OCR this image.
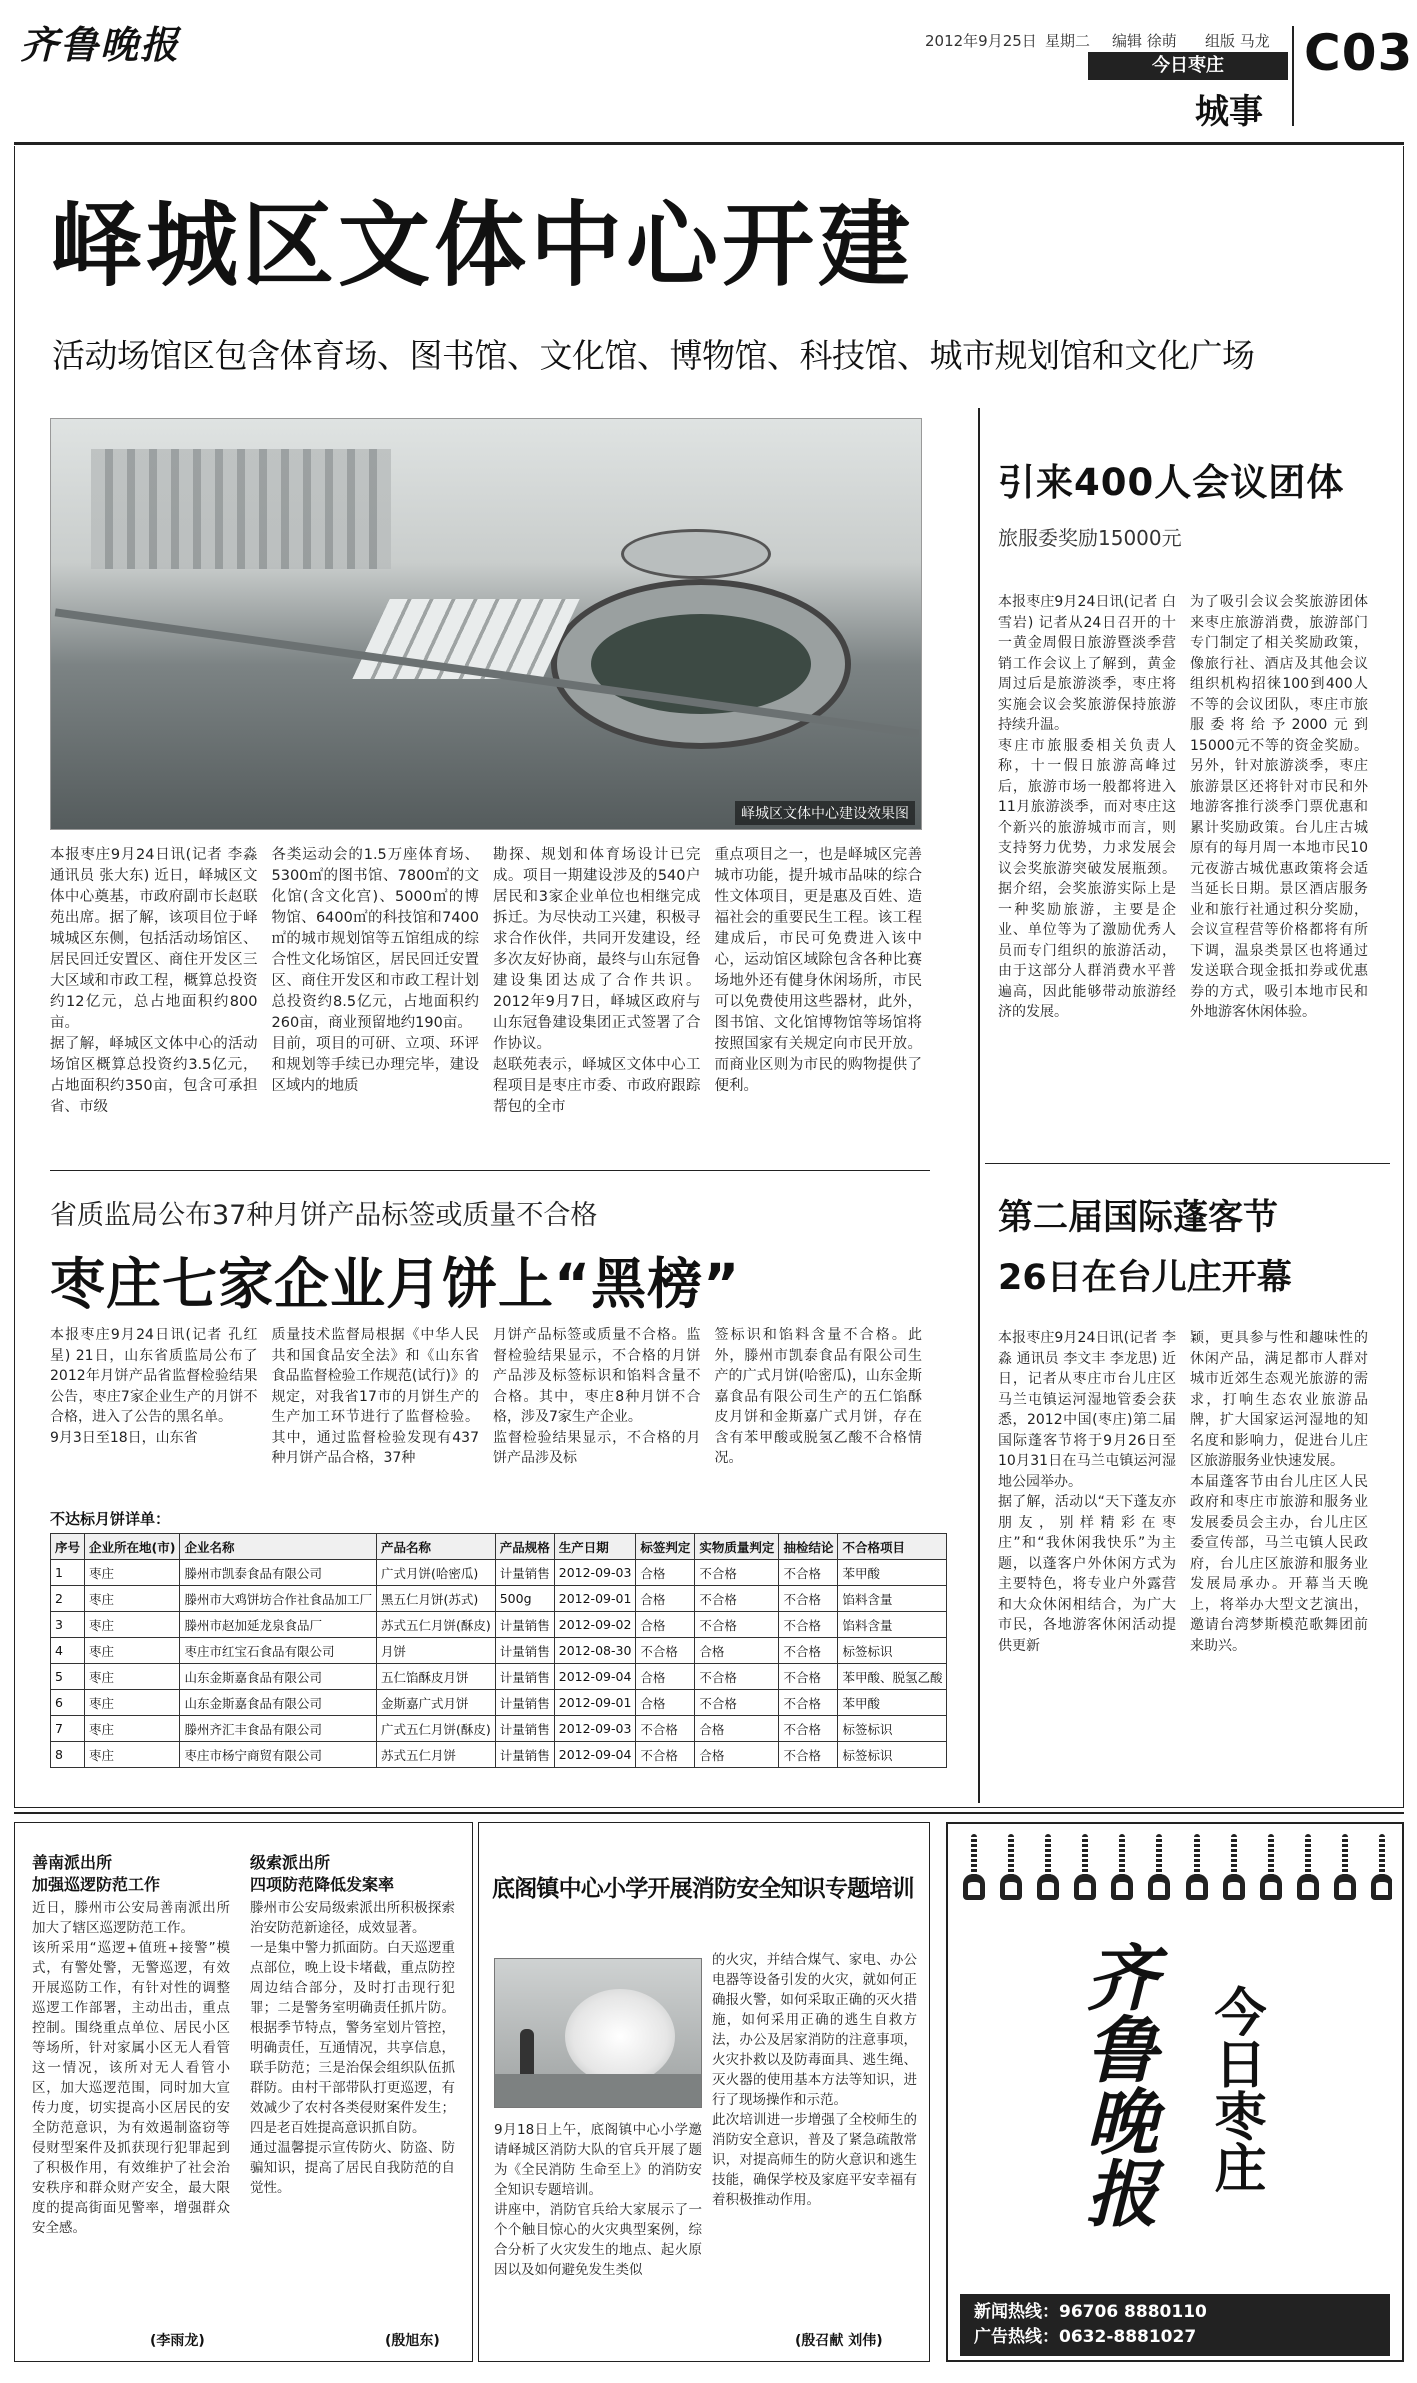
齐鲁晚报	2012年9月25日 星期二 编辑 徐萌 组版 马龙
今日枣庄
城事
C03
峄城区文体中心开建
活动场馆区包含体育场、图书馆、文化馆、博物馆、科技馆、城市规划馆和文化广场
峄城区文体中心建设效果图
本报枣庄9月24日讯(记者 李淼 通讯员 张大东) 近日，峄城区文体中心奠基，市政府副市长赵联苑出席。据了解，该项目位于峄城城区东侧，包括活动场馆区、居民回迁安置区、商住开发区三大区域和市政工程，概算总投资约12亿元，总占地面积约800亩。
据了解，峄城区文体中心的活动场馆区概算总投资约3.5亿元，占地面积约350亩，包含可承担省、市级
各类运动会的1.5万座体育场、5300㎡的图书馆、7800㎡的文化馆(含文化宫)、5000㎡的博物馆、6400㎡的科技馆和7400㎡的城市规划馆等五馆组成的综合性文化场馆区，居民回迁安置区、商住开发区和市政工程计划总投资约8.5亿元，占地面积约260亩，商业预留地约190亩。
目前，项目的可研、立项、环评和规划等手续已办理完毕，建设区域内的地质
勘探、规划和体育场设计已完成。项目一期建设涉及的540户居民和3家企业单位也相继完成拆迁。为尽快动工兴建，积极寻求合作伙伴，共同开发建设，经多次友好协商，最终与山东冠鲁建设集团达成了合作共识。2012年9月7日，峄城区政府与山东冠鲁建设集团正式签署了合作协议。
赵联苑表示，峄城区文体中心工程项目是枣庄市委、市政府跟踪帮包的全市
重点项目之一，也是峄城区完善城市功能，提升城市品味的综合性文体项目，更是惠及百姓、造福社会的重要民生工程。该工程建成后，市民可免费进入该中心，运动馆区域除包含各种比赛场地外还有健身休闲场所，市民可以免费使用这些器材，此外，图书馆、文化馆博物馆等场馆将按照国家有关规定向市民开放。而商业区则为市民的购物提供了便利。
引来400人会议团体
旅服委奖励15000元
本报枣庄9月24日讯(记者 白雪岩) 记者从24日召开的十一黄金周假日旅游暨淡季营销工作会议上了解到，黄金周过后是旅游淡季，枣庄将实施会议会奖旅游保持旅游持续升温。
枣庄市旅服委相关负责人称，十一假日旅游高峰过后，旅游市场一般都将进入11月旅游淡季，而对枣庄这个新兴的旅游城市而言，则支持努力优势，力求发展会议会奖旅游突破发展瓶颈。据介绍，会奖旅游实际上是一种奖励旅游，主要是企业、单位等为了激励优秀人员而专门组织的旅游活动，由于这部分人群消费水平普遍高，因此能够带动旅游经济的发展。
为了吸引会议会奖旅游团体来枣庄旅游消费，旅游部门专门制定了相关奖励政策，像旅行社、酒店及其他会议组织机构招徕100到400人不等的会议团队，枣庄市旅服委将给予2000元到15000元不等的资金奖励。另外，针对旅游淡季，枣庄旅游景区还将针对市民和外地游客推行淡季门票优惠和累计奖励政策。台儿庄古城原有的每月周一本地市民10元夜游古城优惠政策将会适当延长日期。景区酒店服务业和旅行社通过积分奖励，会议宣程营等价格都将有所下调，温泉类景区也将通过发送联合现金抵扣券或优惠券的方式，吸引本地市民和外地游客休闲体验。
第二届国际蓬客节
26日在台儿庄开幕
本报枣庄9月24日讯(记者 李淼 通讯员 李文丰 李龙思) 近日，记者从枣庄市台儿庄区马兰屯镇运河湿地管委会获悉，2012中国(枣庄)第二届国际蓬客节将于9月26日至10月31日在马兰屯镇运河湿地公园举办。
据了解，活动以“天下蓬友亦朋友，别样精彩在枣庄”和“我休闲我快乐”为主题，以蓬客户外休闲方式为主要特色，将专业户外露营和大众休闲相结合，为广大市民，各地游客休闲活动提供更新
颖，更具参与性和趣味性的休闲产品，满足都市人群对城市近郊生态观光旅游的需求，打响生态农业旅游品牌，扩大国家运河湿地的知名度和影响力，促进台儿庄区旅游服务业快速发展。
本届蓬客节由台儿庄区人民政府和枣庄市旅游和服务业发展委员会主办，台儿庄区委宣传部，马兰屯镇人民政府，台儿庄区旅游和服务业发展局承办。开幕当天晚上，将举办大型文艺演出，邀请台湾梦斯模范歌舞团前来助兴。
省质监局公布37种月饼产品标签或质量不合格
枣庄七家企业月饼上“黑榜”
本报枣庄9月24日讯(记者 孔红星) 21日，山东省质监局公布了2012年月饼产品省监督检验结果公告，枣庄7家企业生产的月饼不合格，进入了公告的黑名单。
9月3日至18日，山东省
质量技术监督局根据《中华人民共和国食品安全法》和《山东省食品监督检验工作规范(试行)》的规定，对我省17市的月饼生产的生产加工环节进行了监督检验。其中，通过监督检验发现有437种月饼产品合格，37种
月饼产品标签或质量不合格。监督检验结果显示，不合格的月饼产品涉及标签标识和馅料含量不合格。其中，枣庄8种月饼不合格，涉及7家生产企业。
监督检验结果显示，不合格的月饼产品涉及标
签标识和馅料含量不合格。此外，滕州市凯泰食品有限公司生产的广式月饼(哈密瓜)，山东金斯嘉食品有限公司生产的五仁馅酥皮月饼和金斯嘉广式月饼，存在含有苯甲酸或脱氢乙酸不合格情况。
不达标月饼详单：
序号	企业所在地(市)	企业名称	产品名称	产品规格	生产日期	标签判定	实物质量判定	抽检结论	不合格项目
1	枣庄	滕州市凯泰食品有限公司	广式月饼(哈密瓜)	计量销售	2012-09-03	合格	不合格	不合格	苯甲酸
2	枣庄	滕州市大鸡饼坊合作社食品加工厂	黑五仁月饼(苏式)	500g	2012-09-01	合格	不合格	不合格	馅料含量
3	枣庄	滕州市赵加延龙泉食品厂	苏式五仁月饼(酥皮)	计量销售	2012-09-02	合格	不合格	不合格	馅料含量
4	枣庄	枣庄市红宝石食品有限公司	月饼	计量销售	2012-08-30	不合格	合格	不合格	标签标识
5	枣庄	山东金斯嘉食品有限公司	五仁馅酥皮月饼	计量销售	2012-09-04	合格	不合格	不合格	苯甲酸、脱氢乙酸
6	枣庄	山东金斯嘉食品有限公司	金斯嘉广式月饼	计量销售	2012-09-01	合格	不合格	不合格	苯甲酸
7	枣庄	滕州齐汇丰食品有限公司	广式五仁月饼(酥皮)	计量销售	2012-09-03	不合格	合格	不合格	标签标识
8	枣庄	枣庄市杨宁商贸有限公司	苏式五仁月饼	计量销售	2012-09-04	不合格	合格	不合格	标签标识
善南派出所
加强巡逻防范工作
近日，滕州市公安局善南派出所加大了辖区巡逻防范工作。
该所采用“巡逻+值班+接警”模式，有警处警，无警巡逻，有效开展巡防工作，有针对性的调整巡逻工作部署，主动出击，重点控制。围绕重点单位、居民小区等场所，针对家属小区无人看管这一情况，该所对无人看管小区，加大巡逻范围，同时加大宣传力度，切实提高小区居民的安全防范意识，为有效遏制盗窃等侵财型案件及抓获现行犯罪起到了积极作用，有效维护了社会治安秩序和群众财产安全，最大限度的提高街面见警率，增强群众安全感。
(李雨龙)
级索派出所
四项防范降低发案率
滕州市公安局级索派出所积极探索治安防范新途径，成效显著。
一是集中警力抓面防。白天巡逻重点部位，晚上设卡堵截，重点防控周边结合部分，及时打击现行犯罪；二是警务室明确责任抓片防。根据季节特点，警务室划片管控，明确责任，互通情况，共享信息，联手防范；三是治保会组织队伍抓群防。由村干部带队打更巡逻，有效减少了农村各类侵财案件发生；四是老百姓提高意识抓自防。
通过温馨提示宣传防火、防盗、防骗知识，提高了居民自我防范的自觉性。
(殷旭东)
底阁镇中心小学开展消防安全知识专题培训
9月18日上午，底阁镇中心小学邀请峄城区消防大队的官兵开展了题为《全民消防 生命至上》的消防安全知识专题培训。
讲座中，消防官兵给大家展示了一个个触目惊心的火灾典型案例，综合分析了火灾发生的地点、起火原因以及如何避免发生类似
的火灾，并结合煤气、家电、办公电器等设备引发的火灾，就如何正确报火警，如何采取正确的灭火措施，如何采用正确的逃生自救方法，办公及居家消防的注意事项，火灾扑救以及防毒面具、逃生绳、灭火器的使用基本方法等知识，进行了现场操作和示范。
此次培训进一步增强了全校师生的消防安全意识，普及了紧急疏散常识，对提高师生的防火意识和逃生技能，确保学校及家庭平安幸福有着积极推动作用。
(殷召献 刘伟)

齐鲁晚报 今日枣庄
新闻热线：96706 8880110
广告热线：0632-8881027
